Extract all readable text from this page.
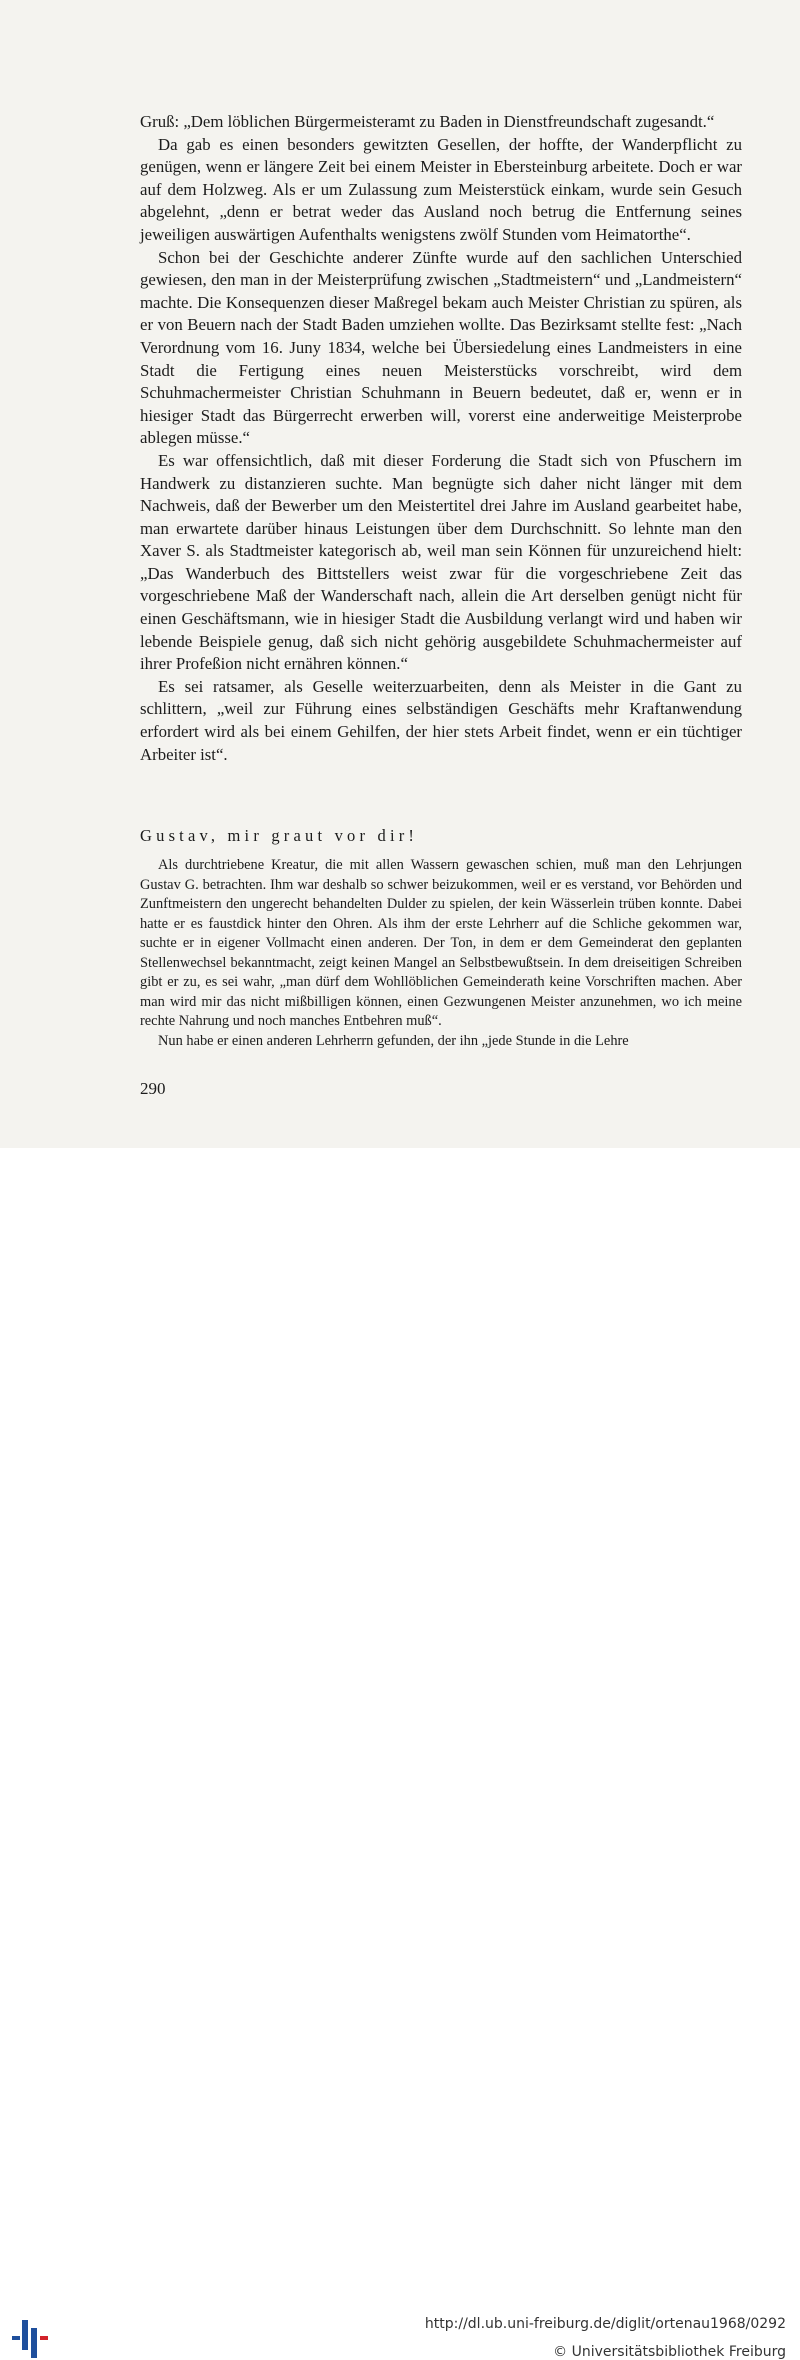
Gruß: „Dem löblichen Bürgermeisteramt zu Baden in Dienstfreundschaft zugesandt.“

Da gab es einen besonders gewitzten Gesellen, der hoffte, der Wanderpflicht zu genügen, wenn er längere Zeit bei einem Meister in Ebersteinburg arbeitete. Doch er war auf dem Holzweg. Als er um Zulassung zum Meisterstück einkam, wurde sein Gesuch abgelehnt, „denn er betrat weder das Ausland noch betrug die Entfernung seines jeweiligen auswärtigen Aufenthalts wenigstens zwölf Stunden vom Heimatorthe“.

Schon bei der Geschichte anderer Zünfte wurde auf den sachlichen Unterschied gewiesen, den man in der Meisterprüfung zwischen „Stadtmeistern“ und „Landmeistern“ machte. Die Konsequenzen dieser Maßregel bekam auch Meister Christian zu spüren, als er von Beuern nach der Stadt Baden umziehen wollte. Das Bezirksamt stellte fest: „Nach Verordnung vom 16. Juny 1834, welche bei Übersiedelung eines Landmeisters in eine Stadt die Fertigung eines neuen Meisterstücks vorschreibt, wird dem Schuhmachermeister Christian Schuhmann in Beuern bedeutet, daß er, wenn er in hiesiger Stadt das Bürgerrecht erwerben will, vorerst eine anderweitige Meisterprobe ablegen müsse.“

Es war offensichtlich, daß mit dieser Forderung die Stadt sich von Pfuschern im Handwerk zu distanzieren suchte. Man begnügte sich daher nicht länger mit dem Nachweis, daß der Bewerber um den Meistertitel drei Jahre im Ausland gearbeitet habe, man erwartete darüber hinaus Leistungen über dem Durchschnitt. So lehnte man den Xaver S. als Stadtmeister kategorisch ab, weil man sein Können für unzureichend hielt: „Das Wanderbuch des Bittstellers weist zwar für die vorgeschriebene Zeit das vorgeschriebene Maß der Wanderschaft nach, allein die Art derselben genügt nicht für einen Geschäftsmann, wie in hiesiger Stadt die Ausbildung verlangt wird und haben wir lebende Beispiele genug, daß sich nicht gehörig ausgebildete Schuhmachermeister auf ihrer Profeßion nicht ernähren können.“

Es sei ratsamer, als Geselle weiterzuarbeiten, denn als Meister in die Gant zu schlittern, „weil zur Führung eines selbständigen Geschäfts mehr Kraftanwendung erfordert wird als bei einem Gehilfen, der hier stets Arbeit findet, wenn er ein tüchtiger Arbeiter ist“.

Gustav, mir graut vor dir!

Als durchtriebene Kreatur, die mit allen Wassern gewaschen schien, muß man den Lehrjungen Gustav G. betrachten. Ihm war deshalb so schwer beizukommen, weil er es verstand, vor Behörden und Zunftmeistern den ungerecht behandelten Dulder zu spielen, der kein Wässerlein trüben konnte. Dabei hatte er es faustdick hinter den Ohren. Als ihm der erste Lehrherr auf die Schliche gekommen war, suchte er in eigener Vollmacht einen anderen. Der Ton, in dem er dem Gemeinderat den geplanten Stellenwechsel bekanntmacht, zeigt keinen Mangel an Selbstbewußtsein. In dem dreiseitigen Schreiben gibt er zu, es sei wahr, „man dürf dem Wohllöblichen Gemeinderath keine Vorschriften machen. Aber man wird mir das nicht mißbilligen können, einen Gezwungenen Meister anzunehmen, wo ich meine rechte Nahrung und noch manches Entbehren muß“.

Nun habe er einen anderen Lehrherrn gefunden, der ihn „jede Stunde in die Lehre

290
http://dl.ub.uni-freiburg.de/diglit/ortenau1968/0292
© Universitätsbibliothek Freiburg
